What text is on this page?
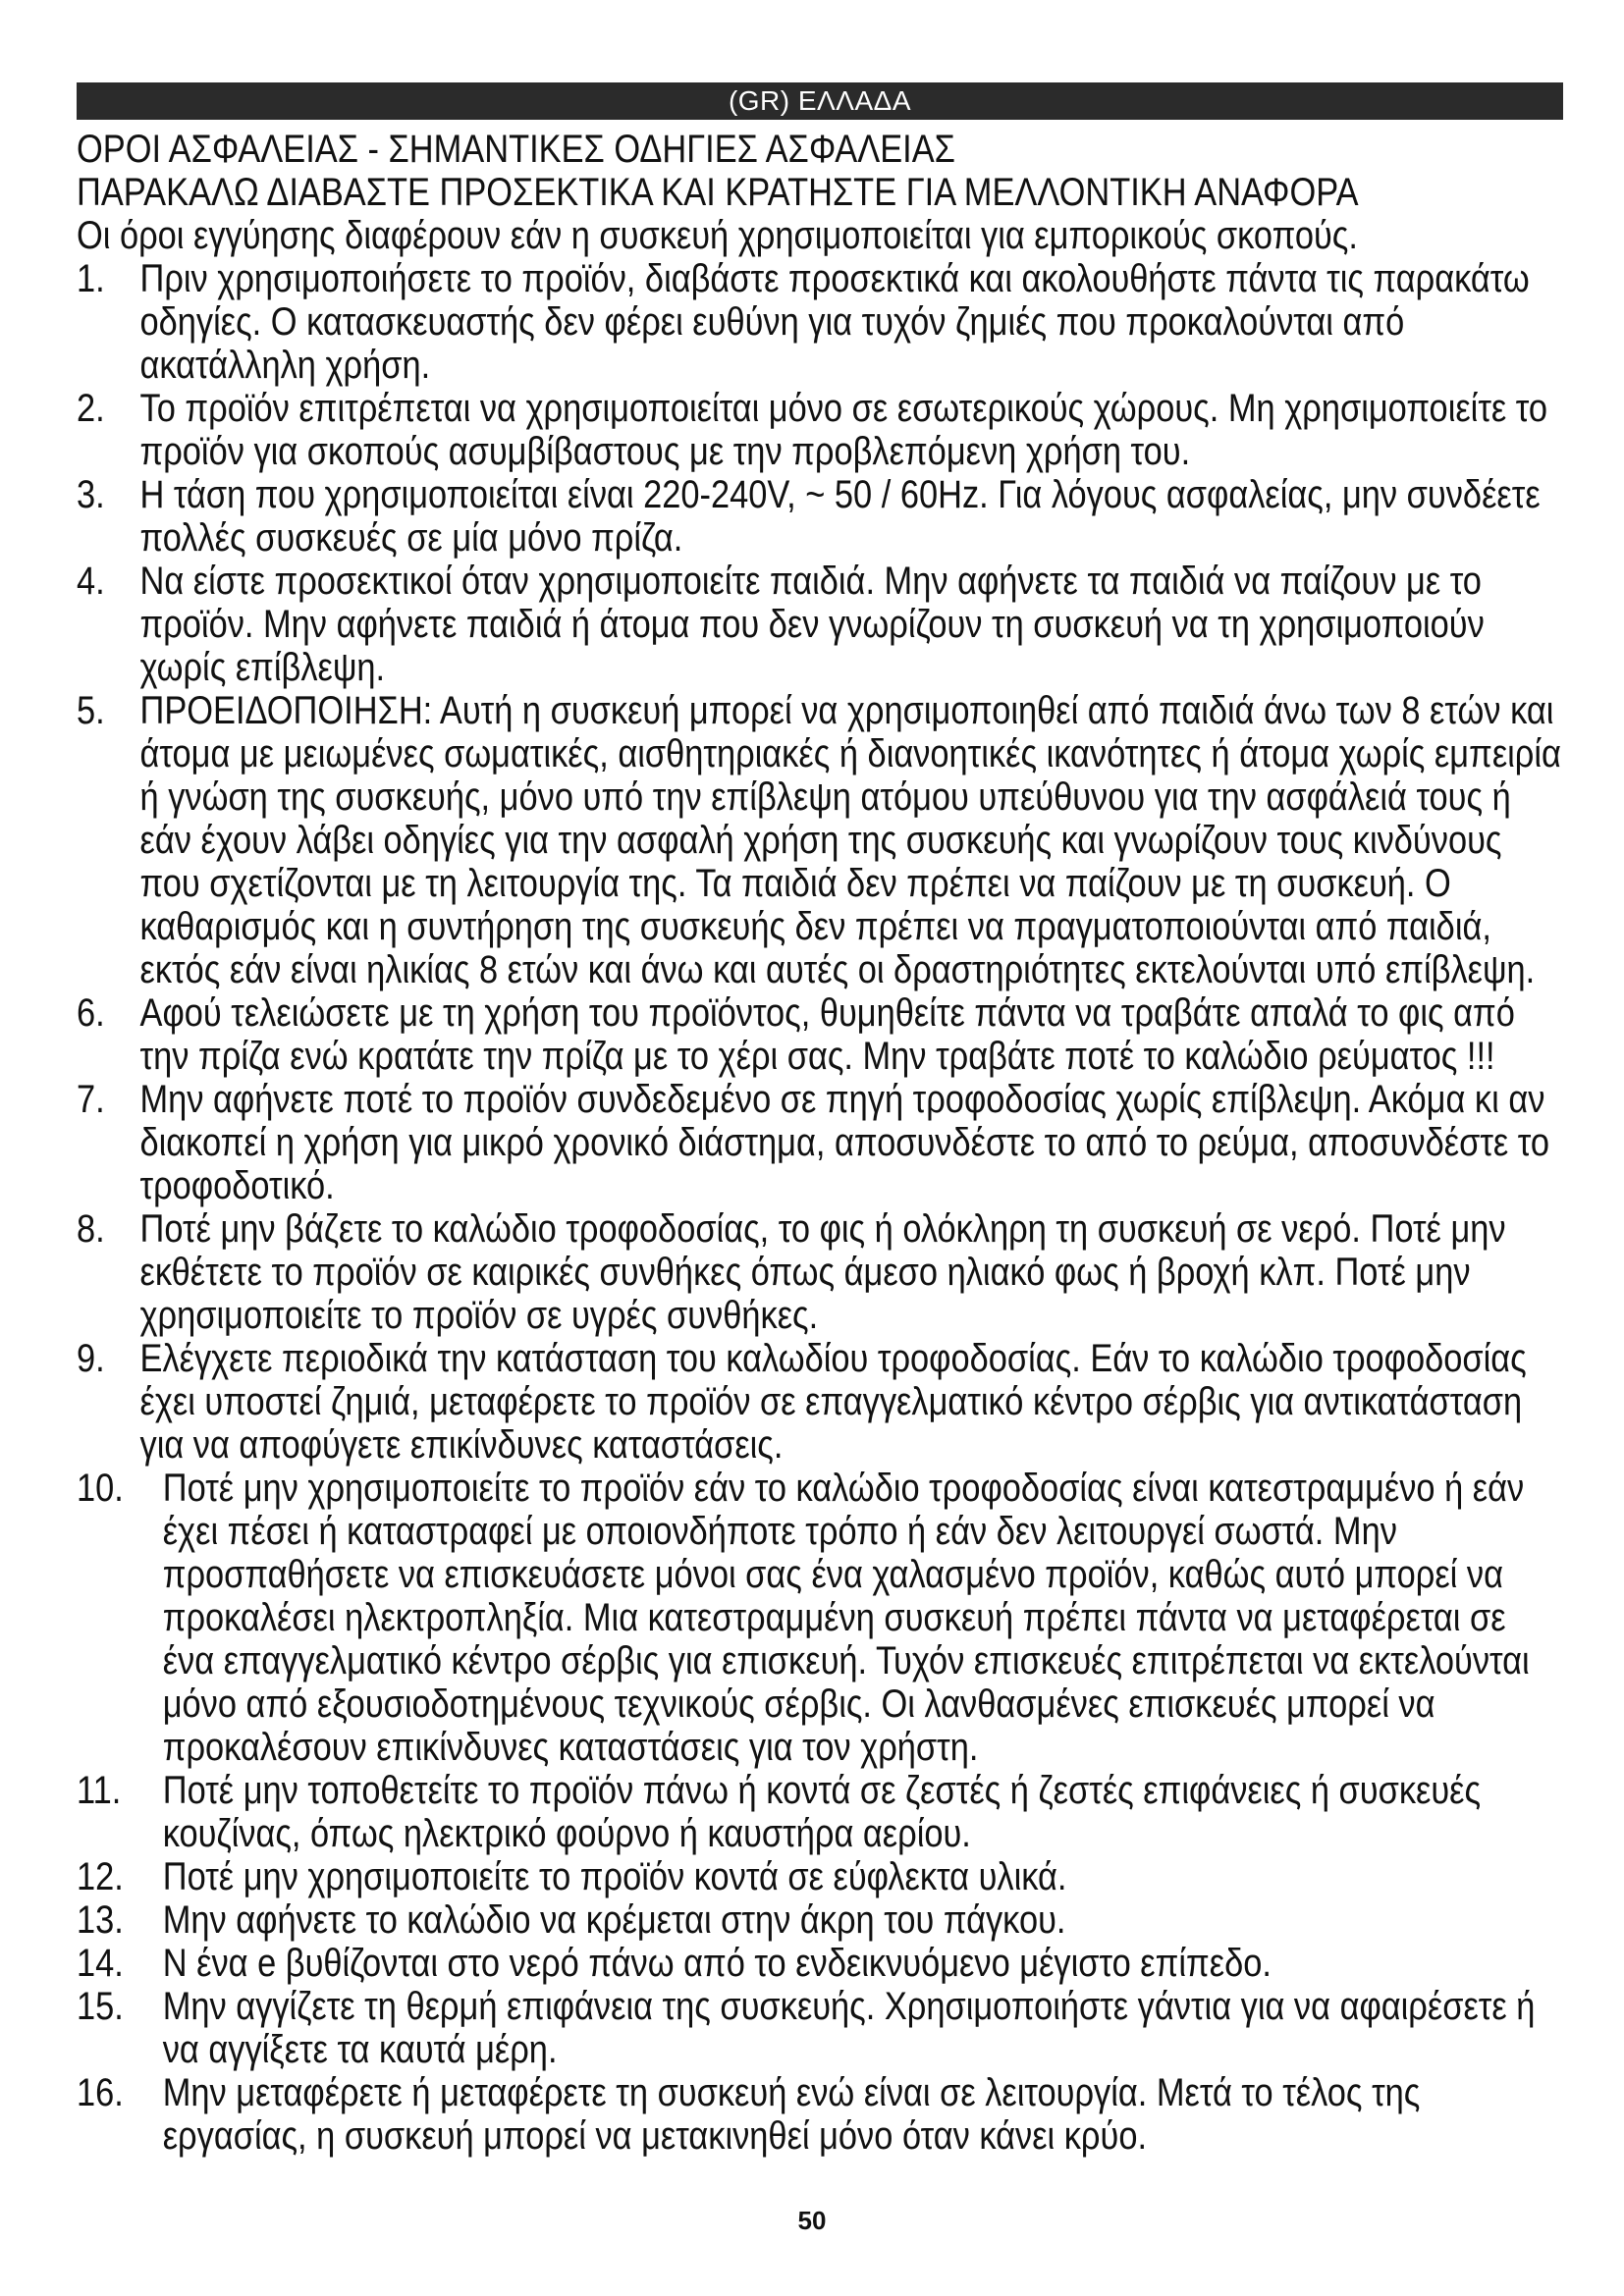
(GR) ΕΛΛΑΔΑ
ΟΡΟΙ ΑΣΦΑΛΕΙΑΣ - ΣΗΜΑΝΤΙΚΕΣ ΟΔΗΓΙΕΣ ΑΣΦΑΛΕΙΑΣ
ΠΑΡΑΚΑΛΩ ΔΙΑΒΑΣΤΕ ΠΡΟΣΕΚΤΙΚΑ ΚΑΙ ΚΡΑΤΗΣΤΕ ΓΙΑ ΜΕΛΛΟΝΤΙΚΗ ΑΝΑΦΟΡΑ

Οι όροι εγγύησης διαφέρουν εάν η συσκευή χρησιμοποιείται για εμπορικούς σκοπούς.

1. Πριν χρησιμοποιήσετε το προϊόν, διαβάστε προσεκτικά και ακολουθήστε πάντα τις παρακάτω οδηγίες. Ο κατασκευαστής δεν φέρει ευθύνη για τυχόν ζημιές που προκαλούνται από ακατάλληλη χρήση.
2. Το προϊόν επιτρέπεται να χρησιμοποιείται μόνο σε εσωτερικούς χώρους. Μη χρησιμοποιείτε το προϊόν για σκοπούς ασυμβίβαστους με την προβλεπόμενη χρήση του.
3. Η τάση που χρησιμοποιείται είναι 220-240V, ~ 50 / 60Hz. Για λόγους ασφαλείας, μην συνδέετε πολλές συσκευές σε μία μόνο πρίζα.
4. Να είστε προσεκτικοί όταν χρησιμοποιείτε παιδιά. Μην αφήνετε τα παιδιά να παίζουν με το προϊόν. Μην αφήνετε παιδιά ή άτομα που δεν γνωρίζουν τη συσκευή να τη χρησιμοποιούν χωρίς επίβλεψη.
5. ΠΡΟΕΙΔΟΠΟΙΗΣΗ: Αυτή η συσκευή μπορεί να χρησιμοποιηθεί από παιδιά άνω των 8 ετών και άτομα με μειωμένες σωματικές, αισθητηριακές ή διανοητικές ικανότητες ή άτομα χωρίς εμπειρία ή γνώση της συσκευής, μόνο υπό την επίβλεψη ατόμου υπεύθυνου για την ασφάλειά τους ή εάν έχουν λάβει οδηγίες για την ασφαλή χρήση της συσκευής και γνωρίζουν τους κινδύνους που σχετίζονται με τη λειτουργία της. Τα παιδιά δεν πρέπει να παίζουν με τη συσκευή. Ο καθαρισμός και η συντήρηση της συσκευής δεν πρέπει να πραγματοποιούνται από παιδιά, εκτός εάν είναι ηλικίας 8 ετών και άνω και αυτές οι δραστηριότητες εκτελούνται υπό επίβλεψη.
6. Αφού τελειώσετε με τη χρήση του προϊόντος, θυμηθείτε πάντα να τραβάτε απαλά το φις από την πρίζα ενώ κρατάτε την πρίζα με το χέρι σας. Μην τραβάτε ποτέ το καλώδιο ρεύματος !!!
7. Μην αφήνετε ποτέ το προϊόν συνδεδεμένο σε πηγή τροφοδοσίας χωρίς επίβλεψη. Ακόμα κι αν διακοπεί η χρήση για μικρό χρονικό διάστημα, αποσυνδέστε το από το ρεύμα, αποσυνδέστε το τροφοδοτικό.
8. Ποτέ μην βάζετε το καλώδιο τροφοδοσίας, το φις ή ολόκληρη τη συσκευή σε νερό. Ποτέ μην εκθέτετε το προϊόν σε καιρικές συνθήκες όπως άμεσο ηλιακό φως ή βροχή κλπ. Ποτέ μην χρησιμοποιείτε το προϊόν σε υγρές συνθήκες.
9. Ελέγχετε περιοδικά την κατάσταση του καλωδίου τροφοδοσίας. Εάν το καλώδιο τροφοδοσίας έχει υποστεί ζημιά, μεταφέρετε το προϊόν σε επαγγελματικό κέντρο σέρβις για αντικατάσταση για να αποφύγετε επικίνδυνες καταστάσεις.
10. Ποτέ μην χρησιμοποιείτε το προϊόν εάν το καλώδιο τροφοδοσίας είναι κατεστραμμένο ή εάν έχει πέσει ή καταστραφεί με οποιονδήποτε τρόπο ή εάν δεν λειτουργεί σωστά. Μην προσπαθήσετε να επισκευάσετε μόνοι σας ένα χαλασμένο προϊόν, καθώς αυτό μπορεί να προκαλέσει ηλεκτροπληξία. Μια κατεστραμμένη συσκευή πρέπει πάντα να μεταφέρεται σε ένα επαγγελματικό κέντρο σέρβις για επισκευή. Τυχόν επισκευές επιτρέπεται να εκτελούνται μόνο από εξουσιοδοτημένους τεχνικούς σέρβις. Οι λανθασμένες επισκευές μπορεί να προκαλέσουν επικίνδυνες καταστάσεις για τον χρήστη.
11.	Ποτέ μην τοποθετείτε το προϊόν πάνω ή κοντά σε ζεστές ή ζεστές επιφάνειες ή συσκευές κουζίνας, όπως ηλεκτρικό φούρνο ή καυστήρα αερίου.
12. Ποτέ μην χρησιμοποιείτε το προϊόν κοντά σε εύφλεκτα υλικά.
13. Μην αφήνετε το καλώδιο να κρέμεται στην άκρη του πάγκου.
14. Ν ένα e βυθίζονται στο νερό πάνω από το ενδεικνυόμενο μέγιστο επίπεδο.
15. Μην αγγίζετε τη θερμή επιφάνεια της συσκευής. Χρησιμοποιήστε γάντια για να αφαιρέσετε ή να αγγίξετε τα καυτά μέρη.
16. Μην μεταφέρετε ή μεταφέρετε τη συσκευή ενώ είναι σε λειτουργία. Μετά το τέλος της εργασίας, η συσκευή μπορεί να μετακινηθεί μόνο όταν κάνει κρύο.
50
